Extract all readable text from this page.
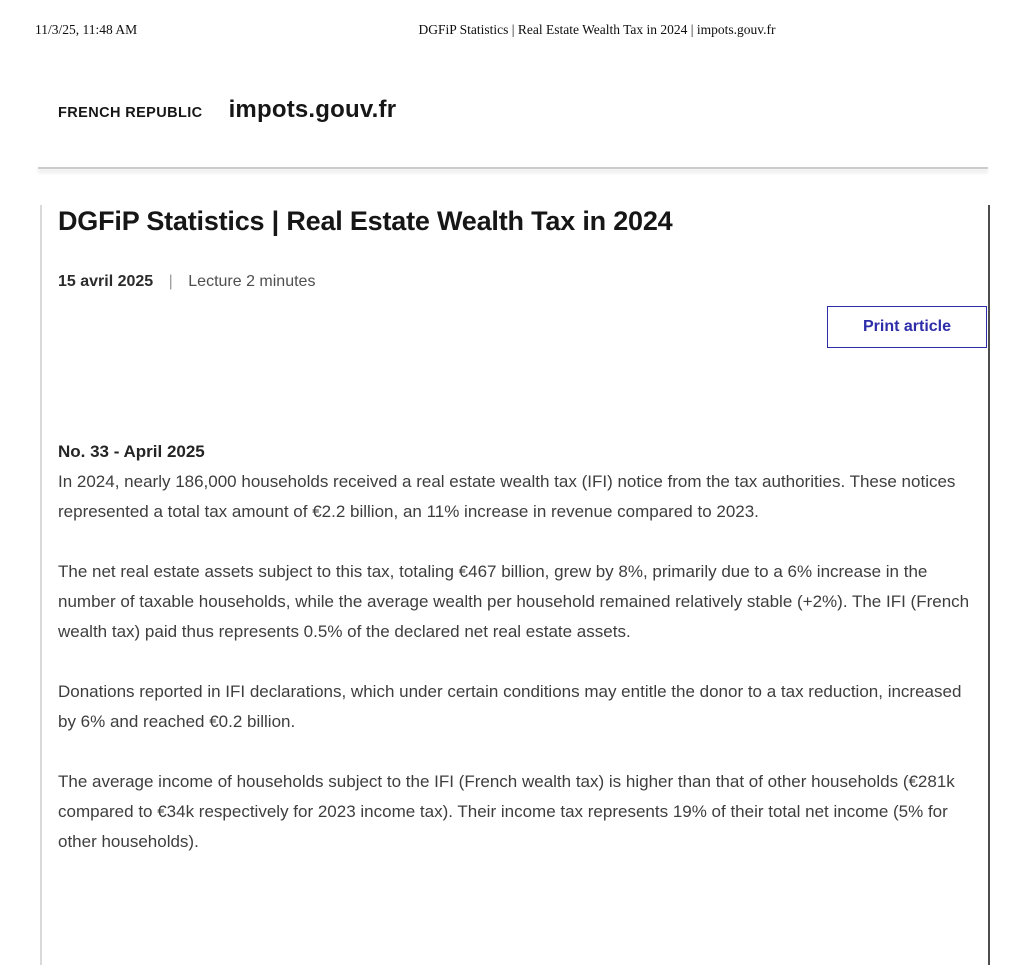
11/3/25, 11:48 AM	DGFiP Statistics | Real Estate Wealth Tax in 2024 | impots.gouv.fr
FRENCH REPUBLIC impots.gouv.fr
DGFiP Statistics | Real Estate Wealth Tax in 2024
15 avril 2025 | Lecture 2 minutes
Print article
No. 33 - April 2025

In 2024, nearly 186,000 households received a real estate wealth tax (IFI) notice from the tax authorities. These notices represented a total tax amount of €2.2 billion, an 11% increase in revenue compared to 2023.

The net real estate assets subject to this tax, totaling €467 billion, grew by 8%, primarily due to a 6% increase in the number of taxable households, while the average wealth per household remained relatively stable (+2%). The IFI (French wealth tax) paid thus represents 0.5% of the declared net real estate assets.

Donations reported in IFI declarations, which under certain conditions may entitle the donor to a tax reduction, increased by 6% and reached €0.2 billion.

The average income of households subject to the IFI (French wealth tax) is higher than that of other households (€281k compared to €34k respectively for 2023 income tax). Their income tax represents 19% of their total net income (5% for other households).
